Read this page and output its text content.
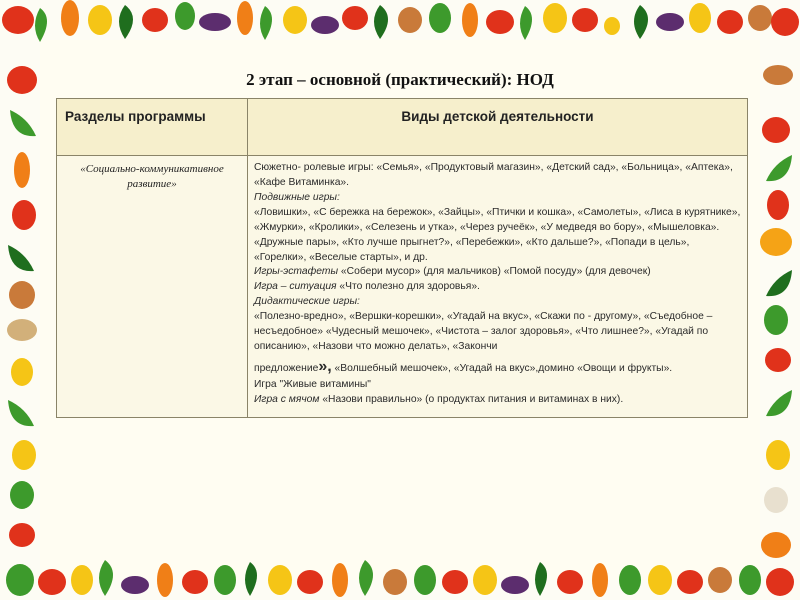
2 этап – основной (практический): НОД
Разделы программы	Виды детской деятельности
«Социально-коммуникативное развитие»

Сюжетно- ролевые игры: «Семья», «Продуктовый магазин», «Детский сад», «Больница», «Аптека», «Кафе Витаминка».

Подвижные игры:

«Ловишки», «С бережка на бережок», «Зайцы», «Птички и кошка», «Самолеты», «Лиса в курятнике», «Жмурки», «Кролики», «Селезень и утка», «Через ручеёк», «У медведя во бору», «Мышеловка». «Дружные пары», «Кто лучше прыгнет?», «Перебежки», «Кто дальше?», «Попади в цель», «Горелки», «Веселые старты», и др.

Игры-эстафеты «Собери мусор» (для мальчиков) «Помой посуду» (для девочек)

Игра – ситуация «Что полезно для здоровья».

Дидактические игры:

«Полезно-вредно», «Вершки-корешки», «Угадай на вкус», «Скажи по - другому», «Съедобное – несъедобное» «Чудесный мешочек», «Чистота – залог здоровья», «Что лишнее?», «Угадай по описанию», «Назови что можно делать», «Закончи

предложение», «Волшебный мешочек», «Угадай на вкус»,домино «Овощи и фрукты».

Игра "Живые витамины"

Игра с мячом «Назови правильно» (о продуктах питания и витаминах в них).
